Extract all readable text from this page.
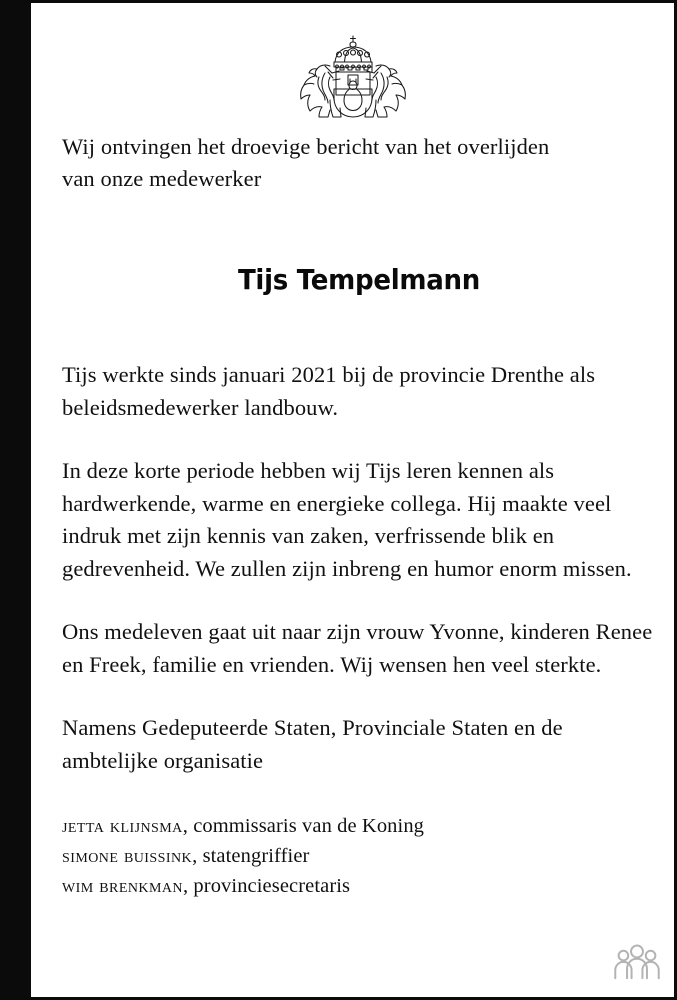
Wij ontvingen het droevige bericht van het overlijden
van onze medewerker

Tijs Tempelmann

Tijs werkte sinds januari 2021 bij de provincie Drenthe als beleidsmedewerker landbouw.

In deze korte periode hebben wij Tijs leren kennen als hardwerkende, warme en energieke collega. Hij maakte veel indruk met zijn kennis van zaken, verfrissende blik en gedrevenheid. We zullen zijn inbreng en humor enorm missen.

Ons medeleven gaat uit naar zijn vrouw Yvonne, kinderen Renee en Freek, familie en vrienden. Wij wensen hen veel sterkte.

Namens Gedeputeerde Staten, Provinciale Staten en de ambtelijke organisatie

jetta klijnsma, commissaris van de Koning

simone buissink, statengriffier

wim brenkman, provinciesecretaris
